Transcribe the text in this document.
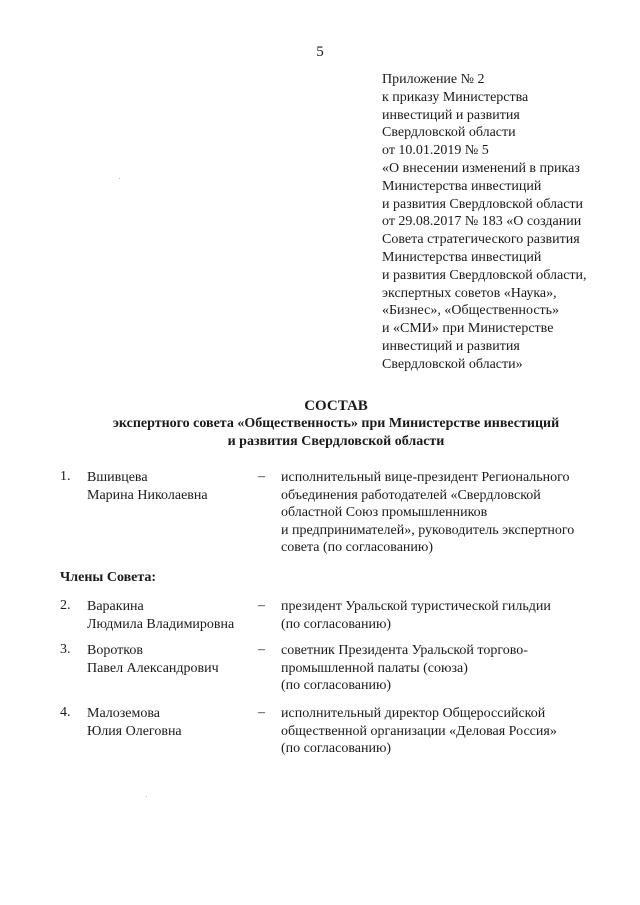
5
Приложение № 2
к приказу Министерства
инвестиций и развития
Свердловской области
от 10.01.2019 № 5
«О внесении изменений в приказ
Министерства инвестиций
и развития Свердловской области
от 29.08.2017 № 183 «О создании
Совета стратегического развития
Министерства инвестиций
и развития Свердловской области,
экспертных советов «Наука»,
«Бизнес», «Общественность»
и «СМИ» при Министерстве
инвестиций и развития
Свердловской области»
СОСТАВ
экспертного совета «Общественность» при Министерстве инвестиций
и развития Свердловской области
1.	Вшивцева
Марина Николаевна
– исполнительный вице-президент Регионального
объединения работодателей «Свердловской
областной Союз промышленников
и предпринимателей», руководитель экспертного
совета (по согласованию)
2.	Варакина
Людмила Владимировна
– президент Уральской туристической гильдии
(по согласованию)
3.	Воротков
Павел Александрович
– советник Президента Уральской торгово-
промышленной палаты (союза)
(по согласованию)
4.	Малоземова
Юлия Олеговна
– исполнительный директор Общероссийской
общественной организации «Деловая Россия»
(по согласованию)
Члены Совета:
